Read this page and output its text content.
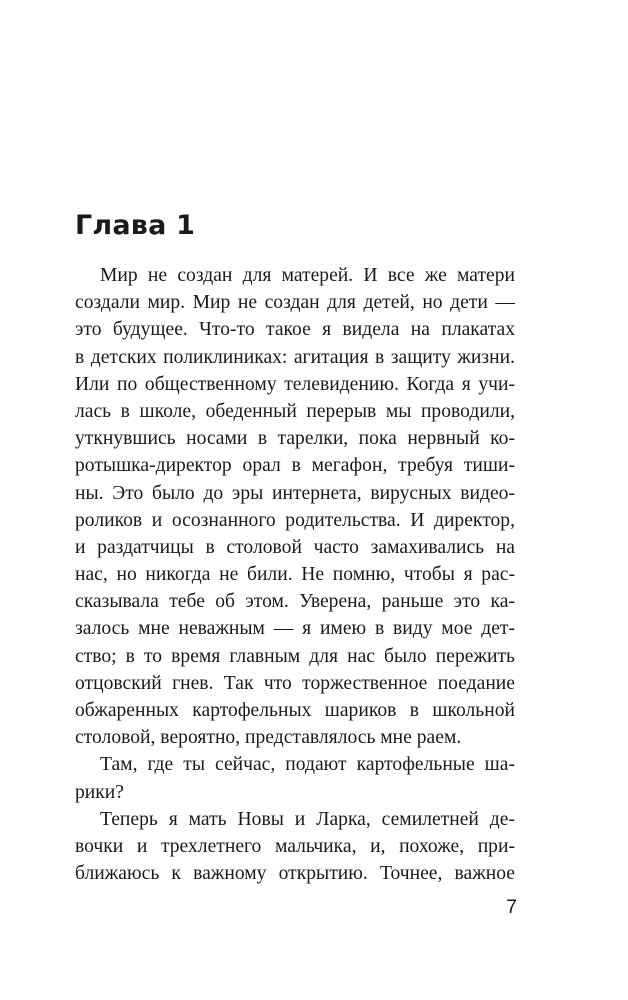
Глава 1
Мир не создан для матерей. И все же матери
создали мир. Мир не создан для детей, но дети —
это будущее. Что-то такое я видела на плакатах
в детских поликлиниках: агитация в защиту жизни.
Или по общественному телевидению. Когда я учи-
лась в школе, обеденный перерыв мы проводили,
уткнувшись носами в тарелки, пока нервный ко-
ротышка-директор орал в мегафон, требуя тиши-
ны. Это было до эры интернета, вирусных видео-
роликов и осознанного родительства. И директор,
и раздатчицы в столовой часто замахивались на
нас, но никогда не били. Не помню, чтобы я рас-
сказывала тебе об этом. Уверена, раньше это ка-
залось мне неважным — я имею в виду мое дет-
ство; в то время главным для нас было пережить
отцовский гнев. Так что торжественное поедание
обжаренных картофельных шариков в школьной
столовой, вероятно, представлялось мне раем.
Там, где ты сейчас, подают картофельные ша-
рики?
Теперь я мать Новы и Ларка, семилетней де-
вочки и трехлетнего мальчика, и, похоже, при-
ближаюсь к важному открытию. Точнее, важное
7
